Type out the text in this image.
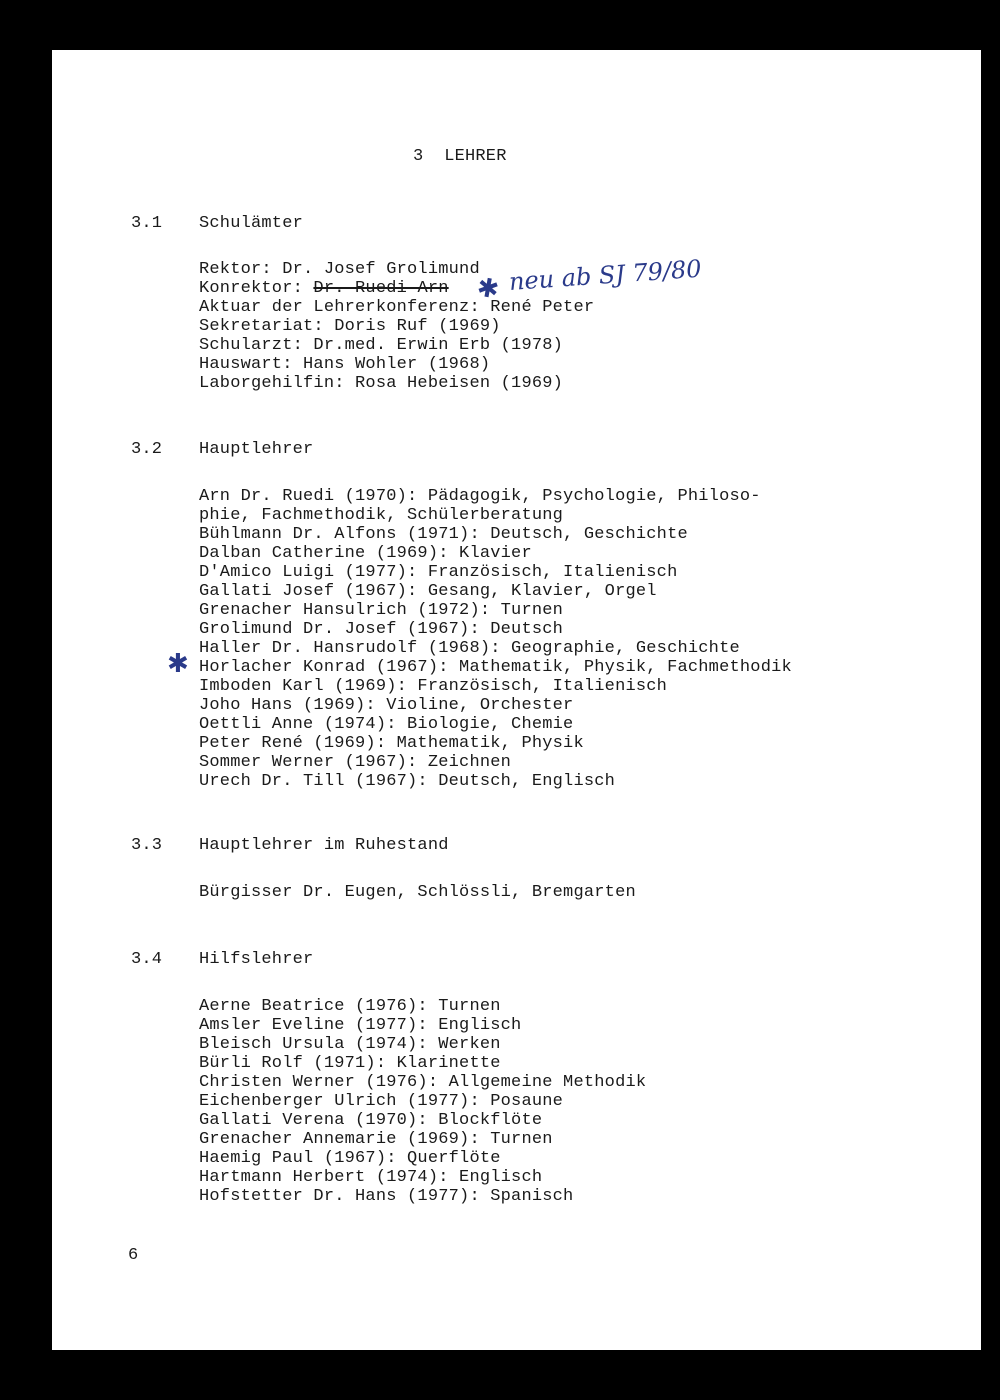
3  LEHRER
3.1 Schulämter
Rektor: Dr. Josef Grolimund
Konrektor: Dr. Ruedi Arn ✱ neu ab SJ 79/80
Aktuar der Lehrerkonferenz: René Peter
Sekretariat: Doris Ruf (1969)
Schularzt: Dr.med. Erwin Erb (1978)
Hauswart: Hans Wohler (1968)
Laborgehilfin: Rosa Hebeisen (1969)
3.2 Hauptlehrer
Arn Dr. Ruedi (1970): Pädagogik, Psychologie, Philoso-
phie, Fachmethodik, Schülerberatung
Bühlmann Dr. Alfons (1971): Deutsch, Geschichte
Dalban Catherine (1969): Klavier
D'Amico Luigi (1977): Französisch, Italienisch
Gallati Josef (1967): Gesang, Klavier, Orgel
Grenacher Hansulrich (1972): Turnen
Grolimund Dr. Josef (1967): Deutsch
Haller Dr. Hansrudolf (1968): Geographie, Geschichte
Horlacher Konrad (1967): Mathematik, Physik, Fachmethodik
Imboden Karl (1969): Französisch, Italienisch
Joho Hans (1969): Violine, Orchester
Oettli Anne (1974): Biologie, Chemie
Peter René (1969): Mathematik, Physik
Sommer Werner (1967): Zeichnen
Urech Dr. Till (1967): Deutsch, Englisch
✱
3.3 Hauptlehrer im Ruhestand
Bürgisser Dr. Eugen, Schlössli, Bremgarten
3.4 Hilfslehrer
Aerne Beatrice (1976): Turnen
Amsler Eveline (1977): Englisch
Bleisch Ursula (1974): Werken
Bürli Rolf (1971): Klarinette
Christen Werner (1976): Allgemeine Methodik
Eichenberger Ulrich (1977): Posaune
Gallati Verena (1970): Blockflöte
Grenacher Annemarie (1969): Turnen
Haemig Paul (1967): Querflöte
Hartmann Herbert (1974): Englisch
Hofstetter Dr. Hans (1977): Spanisch
6
